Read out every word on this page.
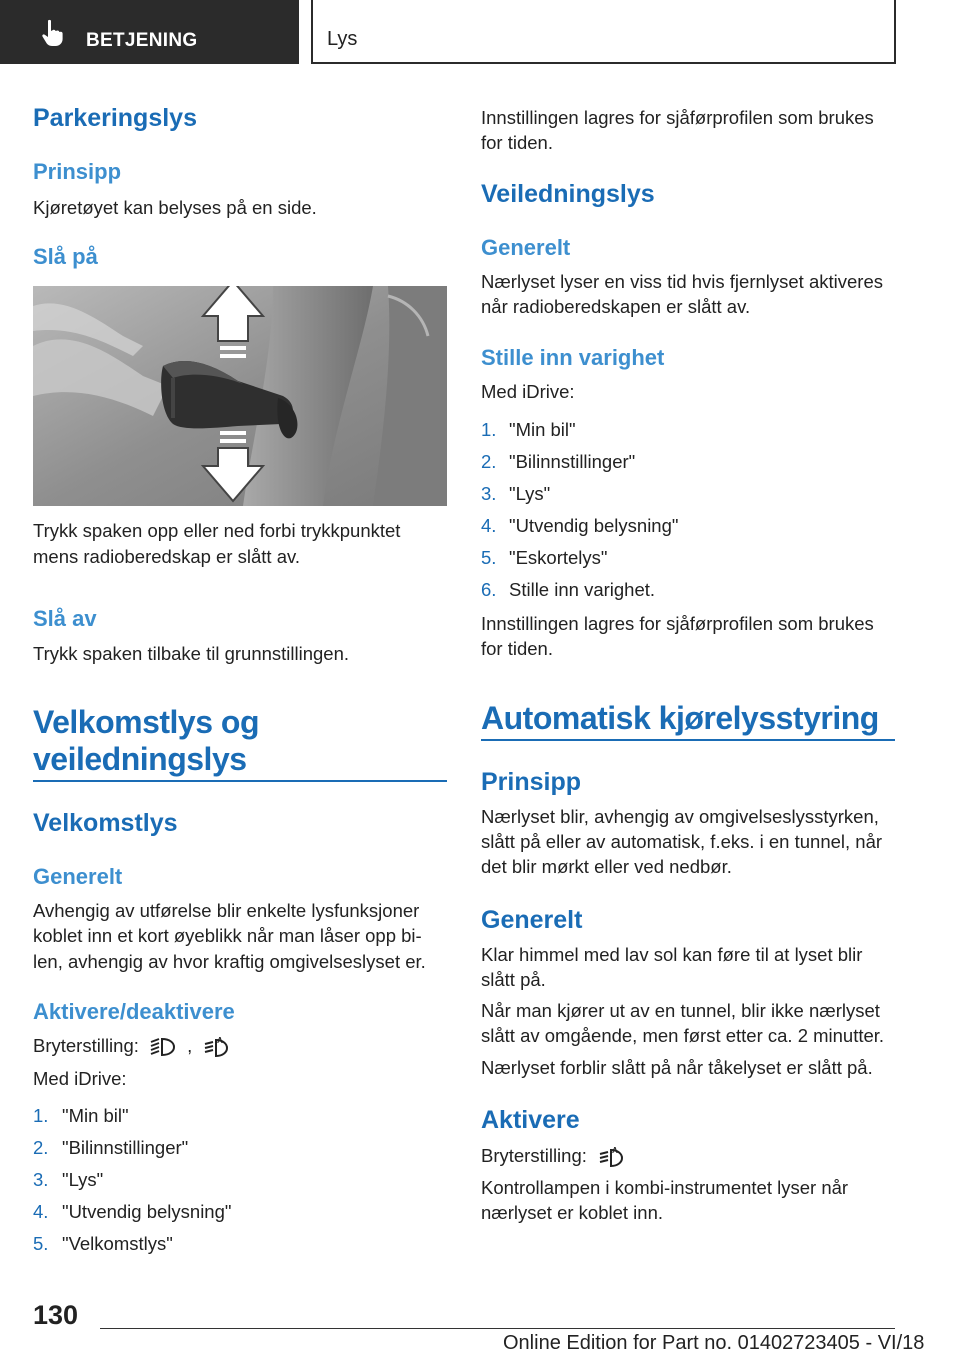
BETJENING	Lys
Parkeringslys
Prinsipp
Kjøretøyet kan belyses på en side.
Slå på
Trykk spaken opp eller ned forbi trykkpunktet
mens radioberedskap er slått av.
Slå av
Trykk spaken tilbake til grunnstillingen.
Velkomstlys og
veiledningslys
Velkomstlys
Generelt
Avhengig av utførelse blir enkelte lysfunksjoner
koblet inn et kort øyeblikk når man låser opp bi-
len, avhengig av hvor kraftig omgivelseslyset er.
Aktivere/deaktivere
Bryterstilling:	,	A
Med iDrive:
1. "Min bil"
2. "Bilinnstillinger"
3. "Lys"
4. "Utvendig belysning"
5. "Velkomstlys"
Innstillingen lagres for sjåførprofilen som brukes
for tiden.
Veiledningslys
Generelt
Nærlyset lyser en viss tid hvis fjernlyset aktiveres
når radioberedskapen er slått av.
Stille inn varighet
Med iDrive:
1. "Min bil"
2. "Bilinnstillinger"
3. "Lys"
4. "Utvendig belysning"
5. "Eskortelys"
6. Stille inn varighet.
Innstillingen lagres for sjåførprofilen som brukes
for tiden.
Automatisk kjørelysstyring
Prinsipp
Nærlyset blir, avhengig av omgivelseslysstyrken,
slått på eller av automatisk, f.eks. i en tunnel, når
det blir mørkt eller ved nedbør.
Generelt
Klar himmel med lav sol kan føre til at lyset blir
slått på.
Når man kjører ut av en tunnel, blir ikke nærlyset
slått av omgående, men først etter ca. 2 minutter.
Nærlyset forblir slått på når tåkelyset er slått på.
Aktivere
Bryterstilling:	A
Kontrollampen i kombi-instrumentet lyser når
nærlyset er koblet inn.
130
Online Edition for Part no. 01402723405 - VI/18
